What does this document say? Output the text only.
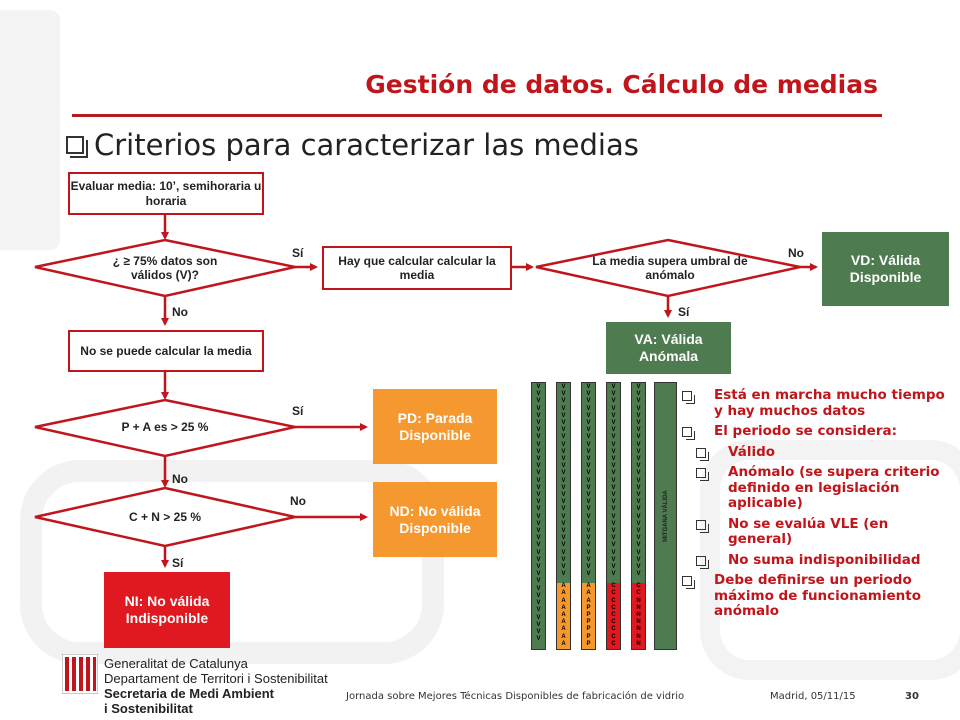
Gestión de datos. Cálculo de medias
Criterios para caracterizar las medias
Evaluar media: 10’, semihoraria u horaria
¿ ≥ 75% datos son válidos (V)?
Hay que calcular calcular la media
La media supera umbral de anómalo
VD: Válida Disponible
VA: Válida Anómala
No se puede calcular la media
P + A es > 25 %
PD: Parada Disponible
C + N > 25 %	ND: No válida Disponible
NI: No válida Indisponible
Sí
No
No
Sí
Sí
No
No
Sí
V
V
V
V
V
V
V
V
V
V
V
V
V
V
V
V
V
V
V
V
V
V
V
V
V
V
V
V
V
V
V
V
V
V
V
V
V
V
V
V
V
V
V
V
V
V
V
V
V
V
V
V
V
V
V
V
V
V
V
V
V
V
V
A
A
A
A
A
A
A
A
A
V
V
V
V
V
V
V
V
V
V
V
V
V
V
V
V
V
V
V
V
V
V
V
V
V
V
V
A
A
A
P
P
P
P
P
P
V
V
V
V
V
V
V
V
V
V
V
V
V
V
V
V
V
V
V
V
V
V
V
V
V
V
V
C
C
C
C
C
C
C
C
C
V
V
V
V
V
V
V
V
V
V
V
V
V
V
V
V
V
V
V
V
V
V
V
V
V
V
V
C
C
N
N
N
N
N
N
N
MITGANA VÀLIDA
Está en marcha mucho tiempo y hay muchos datos
El periodo se considera:
Válido
Anómalo (se supera criterio definido en legislación aplicable)
No se evalúa VLE (en general)
No suma indisponibilidad
Debe definirse un periodo máximo de funcionamiento anómalo
Generalitat de Catalunya
Departament de Territori i Sostenibilitat
Secretaria de Medi Ambient
i Sostenibilitat
Jornada sobre Mejores Técnicas Disponibles de fabricación de vidrio	Madrid, 05/11/15	30
